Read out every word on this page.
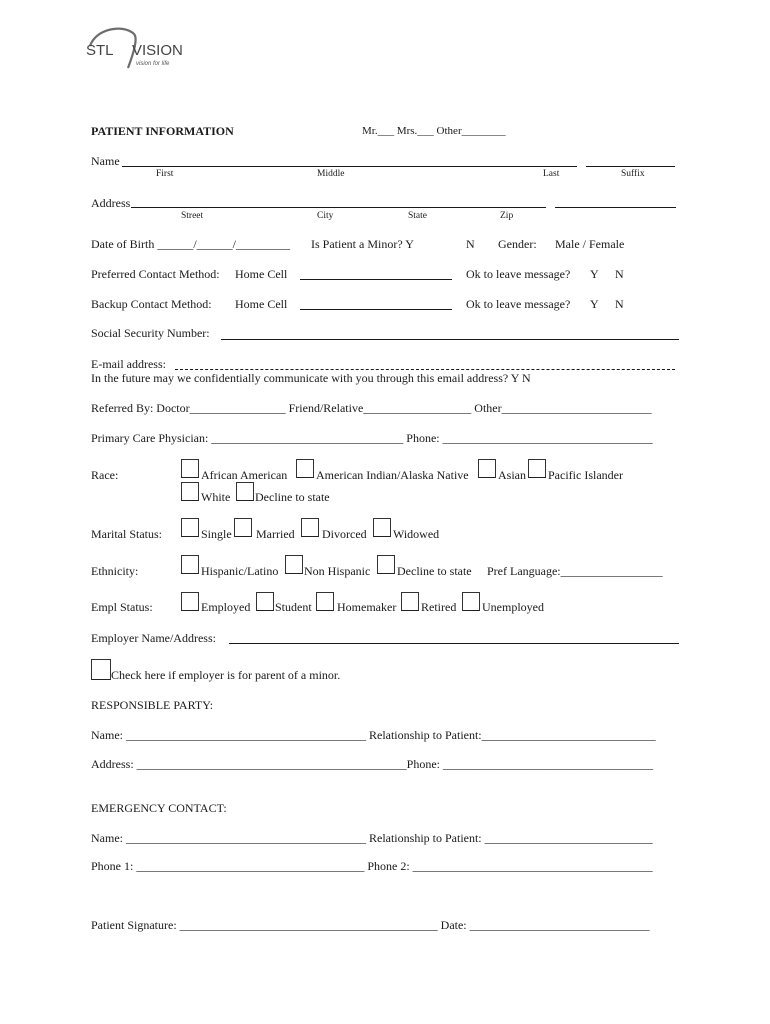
STL VISION
vision for life
PATIENT INFORMATION	Mr.___ Mrs.___ Other________
Name
First	Middle	Last	Suffix
Address
Street	City	State	Zip
Date of Birth ______/______/_________ Is Patient a Minor? Y	N Gender: Male / Female
Preferred Contact Method: Home Cell	Ok to leave message? Y N
Backup Contact Method: Home Cell	Ok to leave message? Y N
Social Security Number:
E-mail address:
In the future may we confidentially communicate with you through this email address? Y N
Referred By: Doctor________________ Friend/Relative__________________ Other_________________________
Primary Care Physician: ________________________________ Phone: ___________________________________
Race:	African American American Indian/Alaska Native Asian Pacific Islander
White Decline to state
Marital Status:	Single Married Divorced Widowed
Ethnicity:	Hispanic/Latino Non Hispanic Decline to state Pref Language:_________________
Empl Status:	Employed Student Homemaker Retired Unemployed
Employer Name/Address:
Check here if employer is for parent of a minor.
RESPONSIBLE PARTY:
Name: ________________________________________ Relationship to Patient:_____________________________
Address: _____________________________________________Phone: ___________________________________
EMERGENCY CONTACT:
Name: ________________________________________ Relationship to Patient: ____________________________
Phone 1: ______________________________________ Phone 2: ________________________________________
Patient Signature: ___________________________________________ Date: ______________________________
